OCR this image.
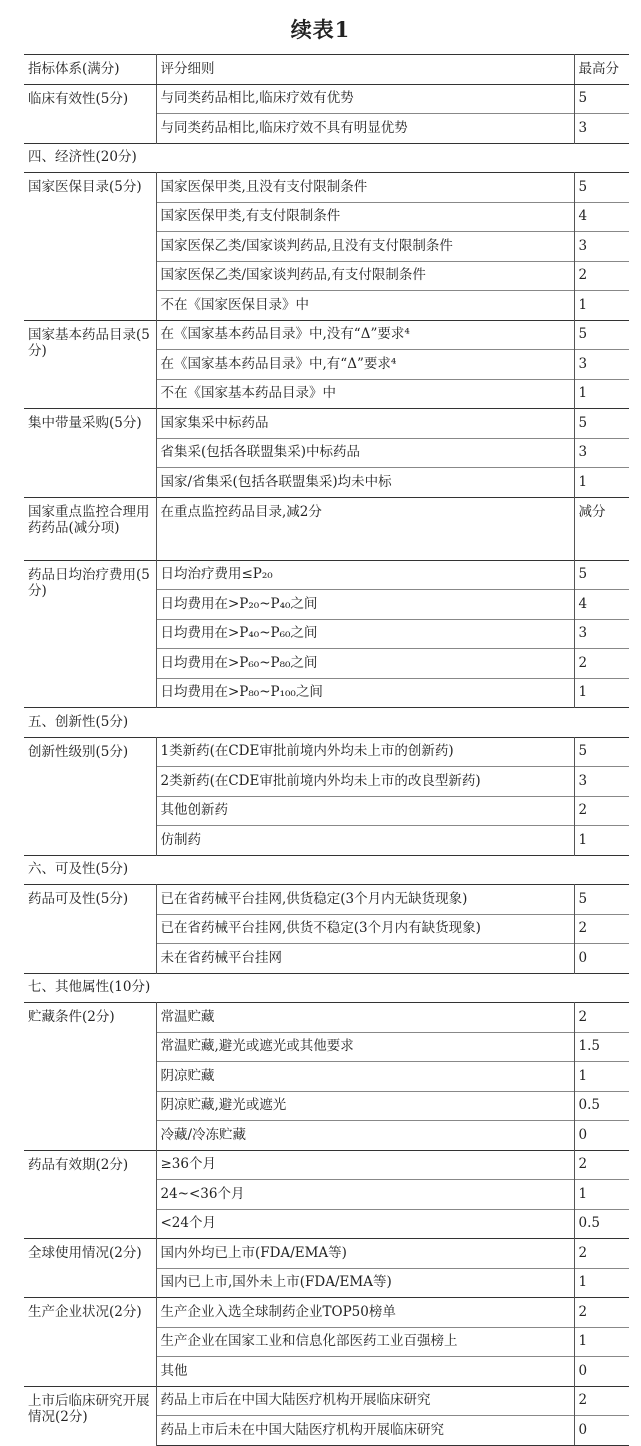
续表1
指标体系(满分)	评分细则	最高分
临床有效性(5分)	与同类药品相比,临床疗效有优势	5
	与同类药品相比,临床疗效不具有明显优势	3
四、经济性(20分)		
国家医保目录(5分)	国家医保甲类,且没有支付限制条件	5
	国家医保甲类,有支付限制条件	4
	国家医保乙类/国家谈判药品,且没有支付限制条件	3
	国家医保乙类/国家谈判药品,有支付限制条件	2
	不在《国家医保目录》中	1
国家基本药品目录(5分)	在《国家基本药品目录》中,没有“Δ”要求⁴	5
	在《国家基本药品目录》中,有“Δ”要求⁴	3
	不在《国家基本药品目录》中	1
集中带量采购(5分)	国家集采中标药品	5
	省集采(包括各联盟集采)中标药品	3
	国家/省集采(包括各联盟集采)均未中标	1
国家重点监控合理用药药品(减分项)	在重点监控药品目录,减2分	减分
药品日均治疗费用(5分)	日均治疗费用≤P₂₀	5
	日均费用在>P₂₀~P₄₀之间	4
	日均费用在>P₄₀~P₆₀之间	3
	日均费用在>P₆₀~P₈₀之间	2
	日均费用在>P₈₀~P₁₀₀之间	1
五、创新性(5分)		
创新性级别(5分)	1类新药(在CDE审批前境内外均未上市的创新药)	5
	2类新药(在CDE审批前境内外均未上市的改良型新药)	3
	其他创新药	2
	仿制药	1
六、可及性(5分)		
药品可及性(5分)	已在省药械平台挂网,供货稳定(3个月内无缺货现象)	5
	已在省药械平台挂网,供货不稳定(3个月内有缺货现象)	2
	未在省药械平台挂网	0
七、其他属性(10分)		
贮藏条件(2分)	常温贮藏	2
	常温贮藏,避光或遮光或其他要求	1.5
	阴凉贮藏	1
	阴凉贮藏,避光或遮光	0.5
	冷藏/冷冻贮藏	0
药品有效期(2分)	≥36个月	2
	24~<36个月	1
	<24个月	0.5
全球使用情况(2分)	国内外均已上市(FDA/EMA等)	2
	国内已上市,国外未上市(FDA/EMA等)	1
生产企业状况(2分)	生产企业入选全球制药企业TOP50榜单	2
	生产企业在国家工业和信息化部医药工业百强榜上	1
	其他	0
上市后临床研究开展情况(2分)	药品上市后在中国大陆医疗机构开展临床研究	2
	药品上市后未在中国大陆医疗机构开展临床研究	0
